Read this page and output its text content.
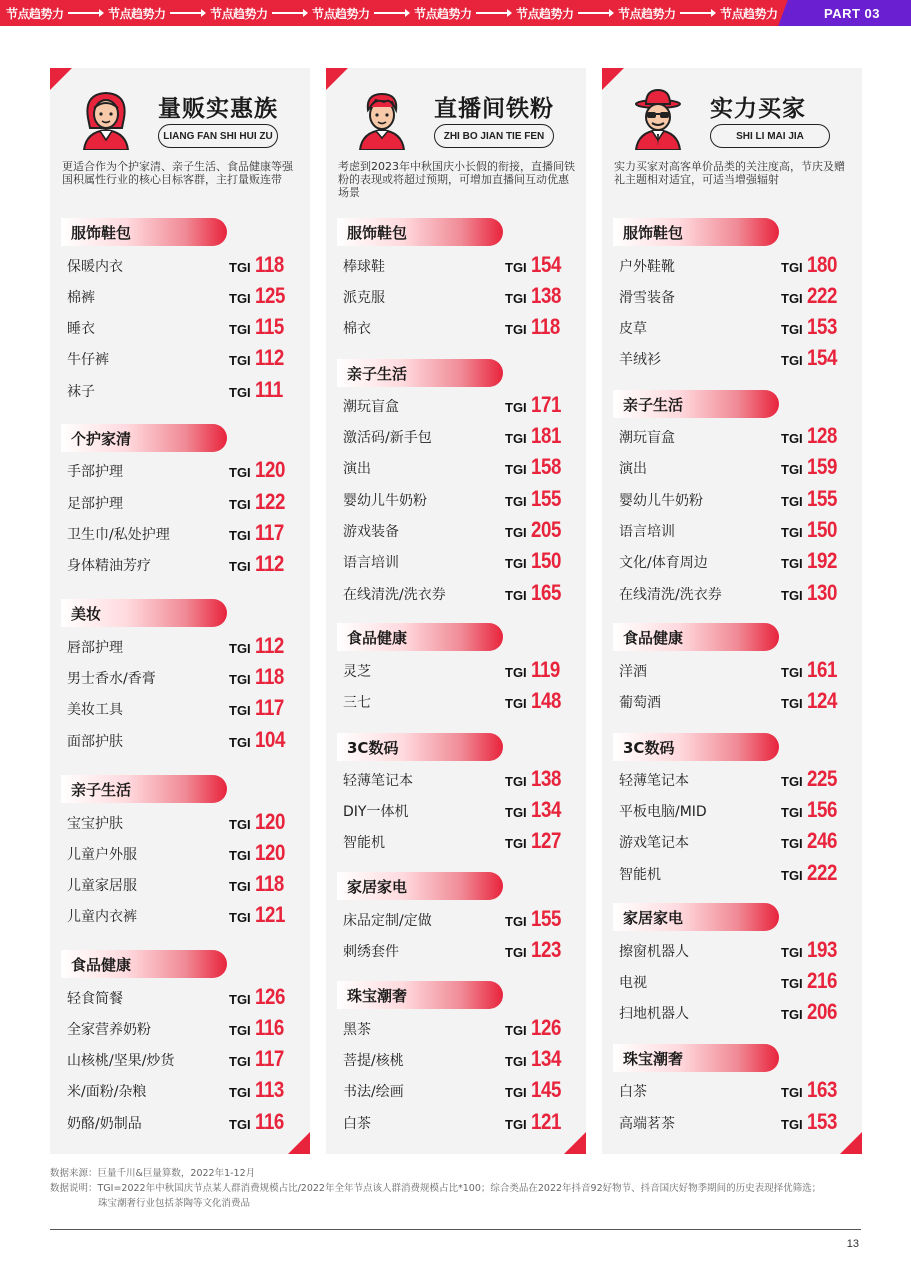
节点趋势力	节点趋势力	节点趋势力	节点趋势力	节点趋势力	节点趋势力	节点趋势力	节点趋势力	PART 03
量贩实惠族
LIANG FAN SHI HUI ZU
更适合作为个护家清、亲子生活、食品健康等强国积属性行业的核心目标客群，主打量贩连带
服饰鞋包
保暖内衣	TGI 118
棉裤	TGI 125
睡衣	TGI 115
牛仔裤	TGI 112
袜子	TGI 111
个护家清
手部护理	TGI 120
足部护理	TGI 122
卫生巾/私处护理	TGI 117
身体精油芳疗	TGI 112
美妆
唇部护理	TGI 112
男士香水/香膏	TGI 118
美妆工具	TGI 117
面部护肤	TGI 104
亲子生活
宝宝护肤	TGI 120
儿童户外服	TGI 120
儿童家居服	TGI 118
儿童内衣裤	TGI 121
食品健康
轻食简餐	TGI 126
全家营养奶粉	TGI 116
山核桃/坚果/炒货	TGI 117
米/面粉/杂粮	TGI 113
奶酪/奶制品	TGI 116
直播间铁粉
ZHI BO JIAN TIE FEN
考虑到2023年中秋国庆小长假的衔接，直播间铁粉的表现或将超过预期，可增加直播间互动优惠场景
服饰鞋包
棒球鞋	TGI 154
派克服	TGI 138
棉衣	TGI 118
亲子生活
潮玩盲盒	TGI 171
激活码/新手包	TGI 181
演出	TGI 158
婴幼儿牛奶粉	TGI 155
游戏装备	TGI 205
语言培训	TGI 150
在线清洗/洗衣券	TGI 165
食品健康
灵芝	TGI 119
三七	TGI 148
3C数码
轻薄笔记本	TGI 138
DIY一体机	TGI 134
智能机	TGI 127
家居家电
床品定制/定做	TGI 155
刺绣套件	TGI 123
珠宝潮奢
黑茶	TGI 126
菩提/核桃	TGI 134
书法/绘画	TGI 145
白茶	TGI 121
实力买家
SHI LI MAI JIA
实力买家对高客单价品类的关注度高，节庆及赠礼主题相对适宜，可适当增强辐射
服饰鞋包
户外鞋靴	TGI 180
滑雪装备	TGI 222
皮草	TGI 153
羊绒衫	TGI 154
亲子生活
潮玩盲盒	TGI 128
演出	TGI 159
婴幼儿牛奶粉	TGI 155
语言培训	TGI 150
文化/体育周边	TGI 192
在线清洗/洗衣券	TGI 130
食品健康
洋酒	TGI 161
葡萄酒	TGI 124
3C数码
轻薄笔记本	TGI 225
平板电脑/MID	TGI 156
游戏笔记本	TGI 246
智能机	TGI 222
家居家电
擦窗机器人	TGI 193
电视	TGI 216
扫地机器人	TGI 206
珠宝潮奢
白茶	TGI 163
高端茗茶	TGI 153
数据来源：巨量千川&巨量算数，2022年1-12月
数据说明：TGI=2022年中秋国庆节点某人群消费规模占比/2022年全年节点该人群消费规模占比*100；综合类品在2022年抖音92好物节、抖音国庆好物季期间的历史表现择优筛选；
珠宝潮奢行业包括茶陶等文化消费品
13
